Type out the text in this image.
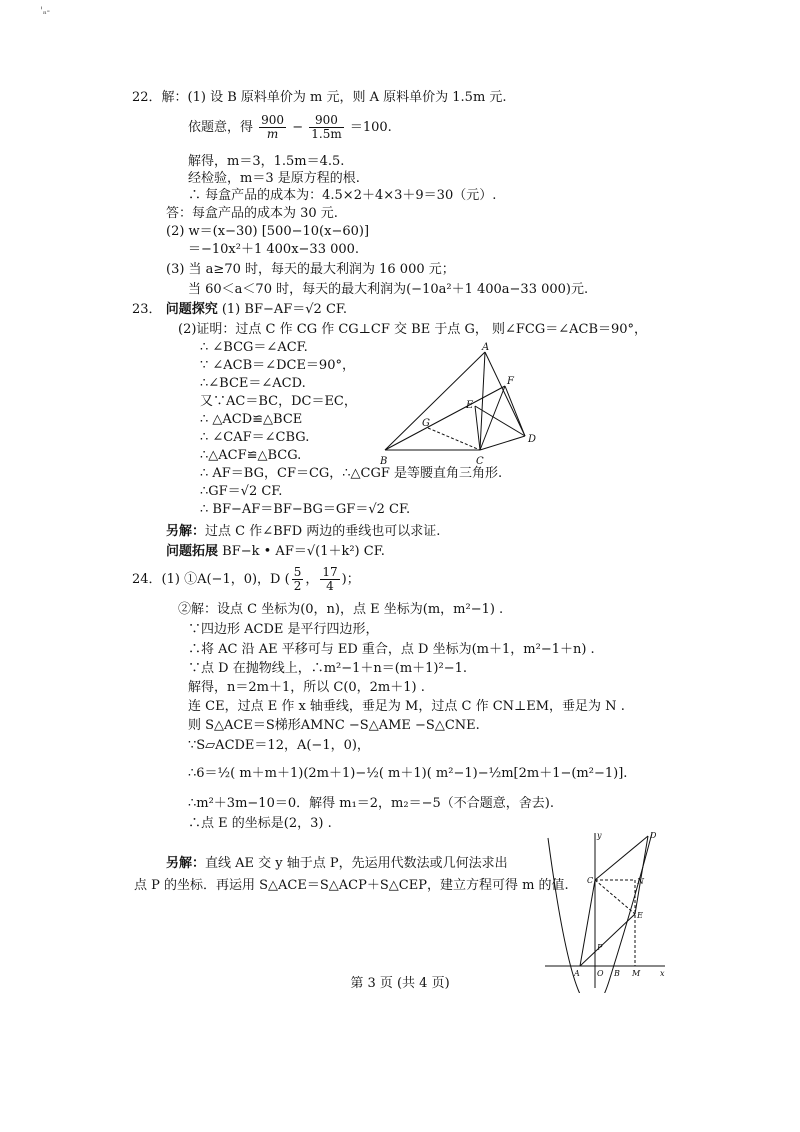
'ₐ-
22．解：(1) 设 B 原料单价为 m 元，则 A 原料单价为 1.5m 元.
依题意，得 $\frac{900}{m} - \frac{900}{1.5m} =100$.
解得，m＝3，1.5m＝4.5.
经检验，m＝3 是原方程的根.
∴ 每盒产品的成本为：4.5×2＋4×3＋9＝30（元）.
答：每盒产品的成本为 30 元.
(2) w＝(x−30) [500−10(x−60)]
＝−10x²＋1 400x−33 000.
(3) 当 a≥70 时，每天的最大利润为 16 000 元；
当 60＜a＜70 时，每天的最大利润为(−10a²＋1 400a−33 000)元.
23． 问题探究 (1) BF−AF＝√2 CF.
(2)证明：过点 C 作 CG 作 CG⊥CF 交 BE 于点 G， 则∠FCG＝∠ACB＝90°，
∴ ∠BCG＝∠ACF.
∵ ∠ACB＝∠DCE＝90°，
∴∠BCE＝∠ACD.
又∵AC＝BC，DC＝EC，
∴ △ACD≌△BCE
∴ ∠CAF＝∠CBG.
∴△ACF≌△BCG.
∴ AF＝BG，CF＝CG，∴△CGF 是等腰直角三角形.
∴GF＝√2 CF.
∴ BF−AF＝BF−BG＝GF＝√2 CF.
另解：过点 C 作∠BFD 两边的垂线也可以求证.
问题拓展 BF−k • AF＝√(1＋k²) CF.
A
B	C
D
E
F
G
24．(1) ①A(−1，0)，D ( $\frac{5}{2}$ ， $\frac{17}{4}$ )；
②解：设点 C 坐标为(0，n)，点 E 坐标为(m，m²−1) .
∵四边形 ACDE 是平行四边形，
∴将 AC 沿 AE 平移可与 ED 重合，点 D 坐标为(m＋1，m²−1＋n) .
∵点 D 在抛物线上，∴m²−1＋n＝(m＋1)²−1.
解得，n＝2m＋1，所以 C(0，2m＋1) .
连 CE，过点 E 作 x 轴垂线，垂足为 M，过点 C 作 CN⊥EM，垂足为 N .
则 S△ACE＝S梯形AMNC −S△AME −S△CNE.
∵S▱ACDE＝12，A(−1，0)，
∴6＝½( m＋m＋1)(2m＋1)−½( m＋1)( m²−1)−½m[2m＋1−(m²−1)].
∴m²＋3m−10＝0．解得 m₁＝2，m₂＝−5（不合题意，舍去).
∴点 E 的坐标是(2，3) .
另解：直线 AE 交 y 轴于点 P，先运用代数法或几何法求出
点 P 的坐标．再运用 S△ACE＝S△ACP＋S△CEP，建立方程可得 m 的值.
y	D
C	N
E
P
A O B M x
第 3 页 (共 4 页)
